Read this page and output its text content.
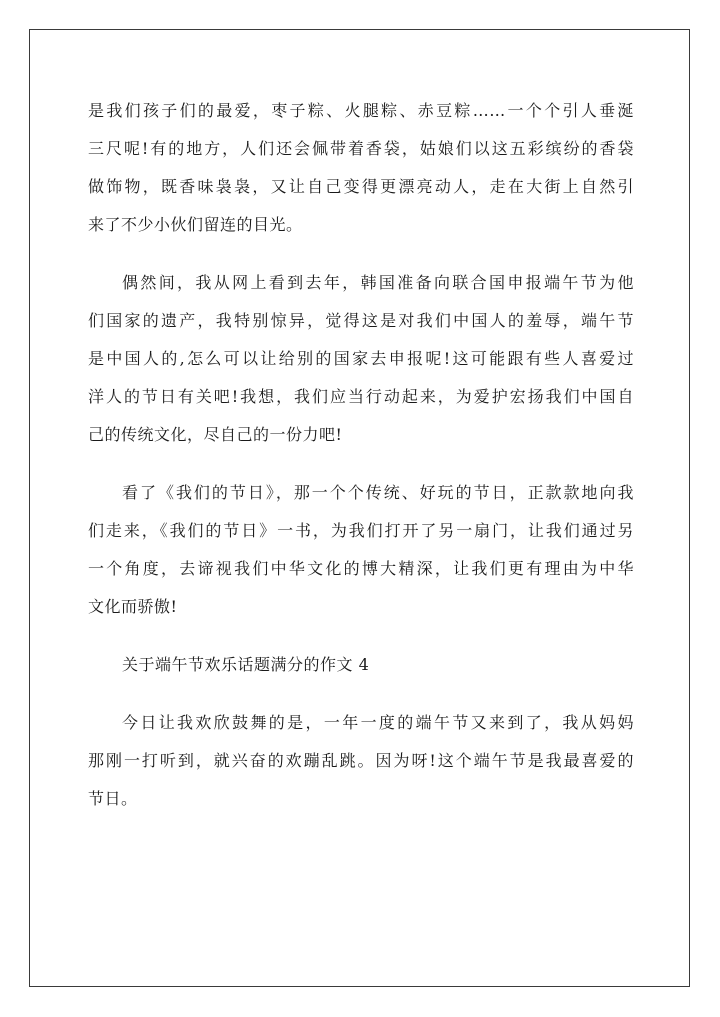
是我们孩子们的最爱，枣子粽、火腿粽、赤豆粽……一个个引人垂涎
三尺呢!有的地方，人们还会佩带着香袋，姑娘们以这五彩缤纷的香袋
做饰物，既香味袅袅，又让自己变得更漂亮动人，走在大街上自然引
来了不少小伙们留连的目光。
偶然间，我从网上看到去年，韩国准备向联合国申报端午节为他
们国家的遗产，我特别惊异，觉得这是对我们中国人的羞辱，端午节
是中国人的,怎么可以让给别的国家去申报呢!这可能跟有些人喜爱过
洋人的节日有关吧!我想，我们应当行动起来，为爱护宏扬我们中国自
己的传统文化，尽自己的一份力吧!
看了《我们的节日》，那一个个传统、好玩的节日，正款款地向我
们走来，《我们的节日》一书，为我们打开了另一扇门，让我们通过另
一个角度，去谛视我们中华文化的博大精深，让我们更有理由为中华
文化而骄傲!
关于端午节欢乐话题满分的作文 4
今日让我欢欣鼓舞的是，一年一度的端午节又来到了，我从妈妈
那刚一打听到，就兴奋的欢蹦乱跳。因为呀!这个端午节是我最喜爱的
节日。
